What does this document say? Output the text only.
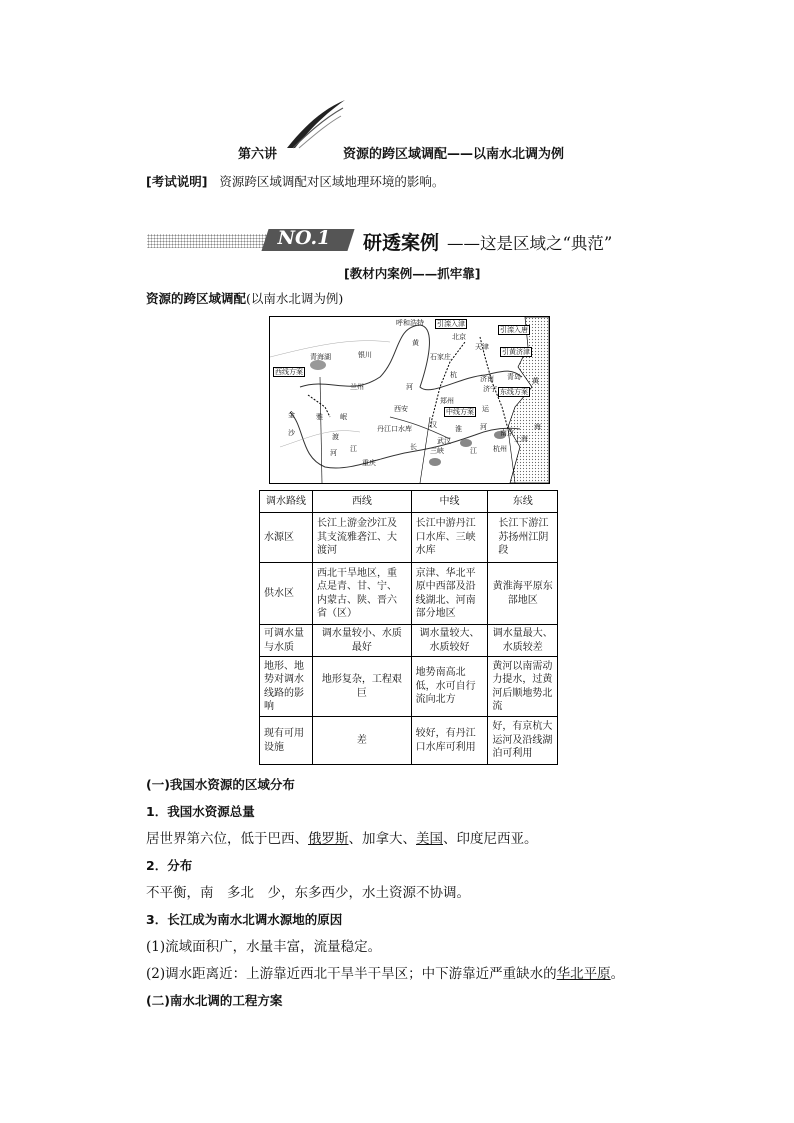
第六讲	资源的跨区域调配——以南水北调为例
[考试说明] 资源跨区域调配对区域地理环境的影响。
NO.1 研透案例 ——这是区域之“典范”
[教材内案例——抓牢靠]
资源的跨区域调配(以南水北调为例)
呼和浩特 引滦入津
引滦入唐
黄
北京
天津
引黄济津
青海湖	银川	石家庄
西线方案	杭	济南 青岛
兰州	河	济宁 东线方案
黄
郑州
西安	中线方案 运
金	雅 岷
丹江口水库	汉	淮	河
沙	渡	武汉
南京
海
河 江	长 三峡	江
上海
重庆
杭州
调水路线	西线	中线	东线
水源区	长江上游金沙江及其支流雅砻江、大渡河	长江中游丹江口水库、三峡水库	长江下游江苏扬州江阴段
供水区	西北干旱地区，重点是青、甘、宁、内蒙古、陕、晋六省（区）	京津、华北平原中西部及沿线湖北、河南部分地区	黄淮海平原东部地区
可调水量与水质	调水量较小、水质最好	调水量较大、水质较好	调水量最大、水质较差
地形、地势对调水线路的影响	地形复杂，工程艰巨	地势南高北低，水可自行流向北方	黄河以南需动力提水，过黄河后顺地势北流
现有可用设施	差	较好，有丹江口水库可利用	好，有京杭大运河及沿线湖泊可利用
(一)我国水资源的区域分布
1．我国水资源总量
居世界第六位，低于巴西、俄罗斯、加拿大、美国、印度尼西亚。
2．分布
不平衡，南　多北　少，东多西少，水土资源不协调。
3．长江成为南水北调水源地的原因
(1)流域面积广，水量丰富，流量稳定。
(2)调水距离近：上游靠近西北干旱半干旱区；中下游靠近严重缺水的华北平原。
(二)南水北调的工程方案
